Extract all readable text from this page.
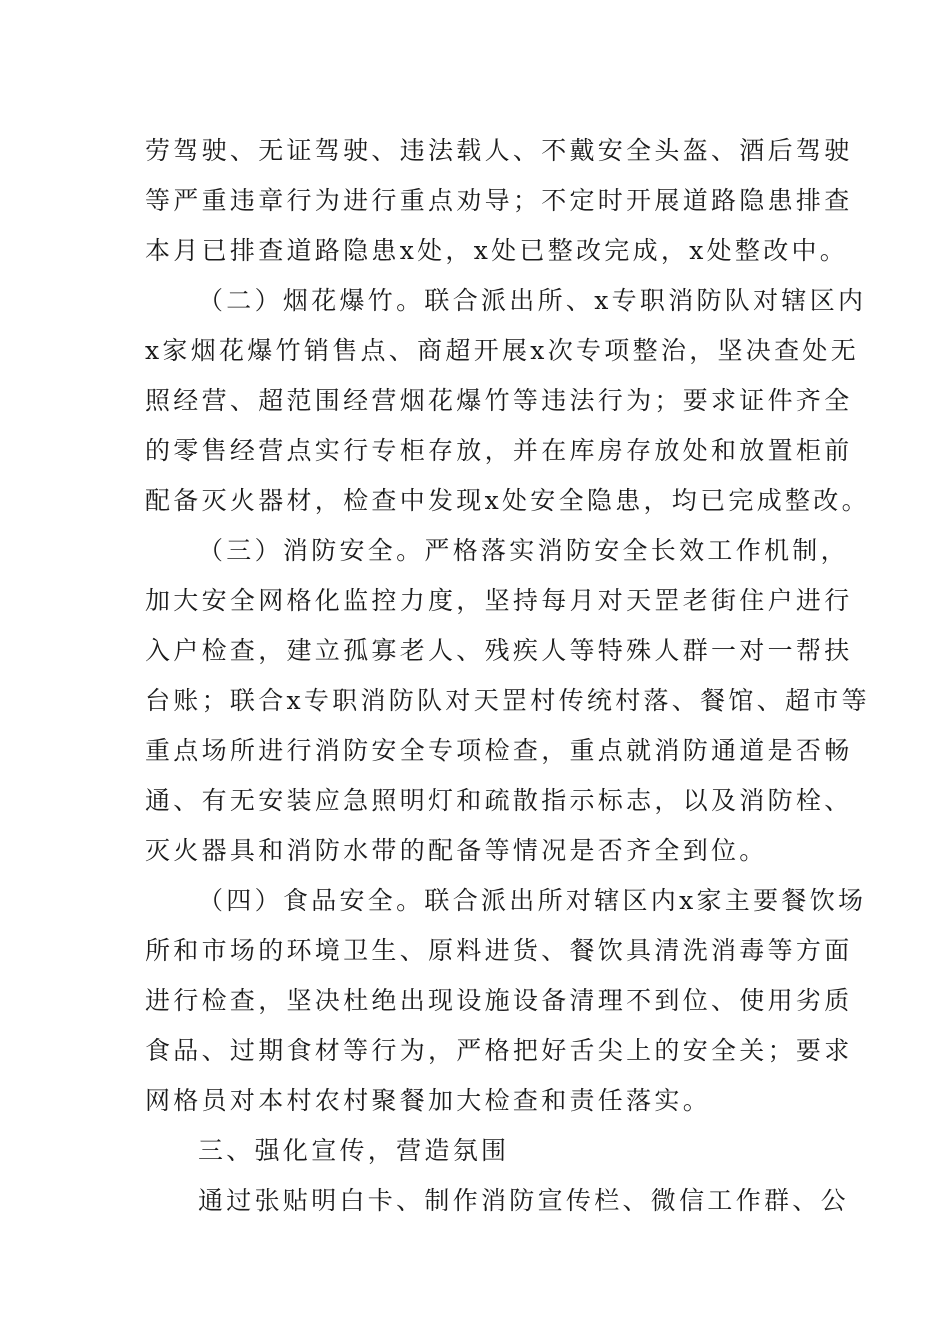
劳驾驶、无证驾驶、违法载人、不戴安全头盔、酒后驾驶
等严重违章行为进行重点劝导；不定时开展道路隐患排查
本月已排查道路隐患x处，x处已整改完成，x处整改中。
（二）烟花爆竹。联合派出所、x专职消防队对辖区内
x家烟花爆竹销售点、商超开展x次专项整治，坚决查处无
照经营、超范围经营烟花爆竹等违法行为；要求证件齐全
的零售经营点实行专柜存放，并在库房存放处和放置柜前
配备灭火器材，检查中发现x处安全隐患，均已完成整改。
（三）消防安全。严格落实消防安全长效工作机制，
加大安全网格化监控力度，坚持每月对天罡老街住户进行
入户检查，建立孤寡老人、残疾人等特殊人群一对一帮扶
台账；联合x专职消防队对天罡村传统村落、餐馆、超市等
重点场所进行消防安全专项检查，重点就消防通道是否畅
通、有无安装应急照明灯和疏散指示标志，以及消防栓、
灭火器具和消防水带的配备等情况是否齐全到位。
（四）食品安全。联合派出所对辖区内x家主要餐饮场
所和市场的环境卫生、原料进货、餐饮具清洗消毒等方面
进行检查，坚决杜绝出现设施设备清理不到位、使用劣质
食品、过期食材等行为，严格把好舌尖上的安全关；要求
网格员对本村农村聚餐加大检查和责任落实。
三、强化宣传，营造氛围
通过张贴明白卡、制作消防宣传栏、微信工作群、公
